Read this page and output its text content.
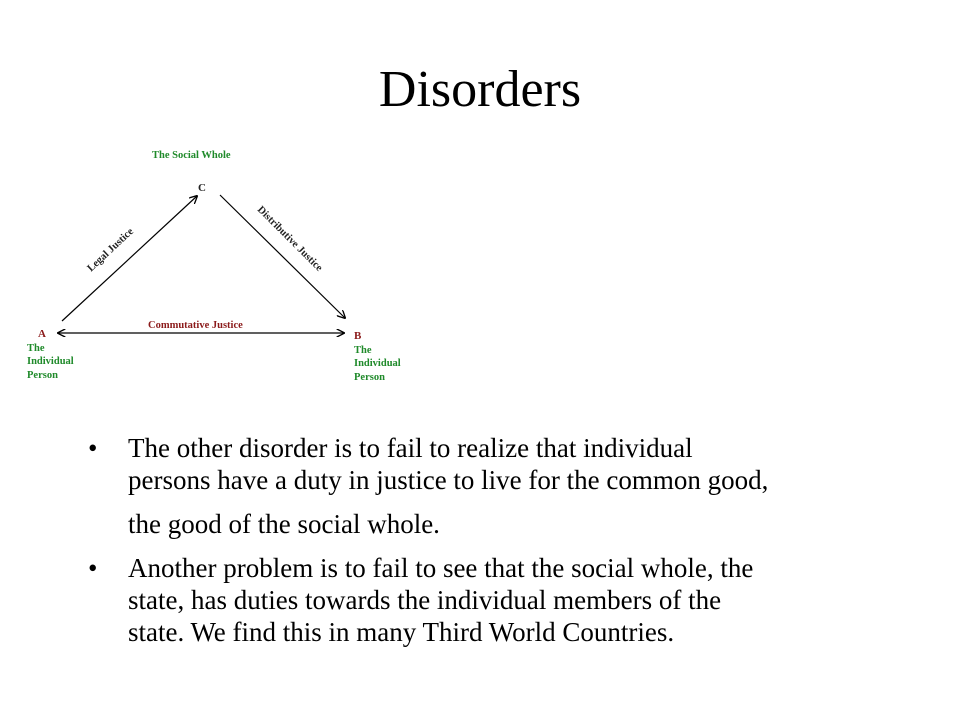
Disorders
The Social Whole
C
Legal Justice	Distributive Justice
Commutative Justice
A
The
Individual
Person
B
The
Individual
Person
• The other disorder is to fail to realize that individual
persons have a duty in justice to live for the common good,
the good of the social whole.
• Another problem is to fail to see that the social whole, the
state, has duties towards the individual members of the
state. We find this in many Third World Countries.
